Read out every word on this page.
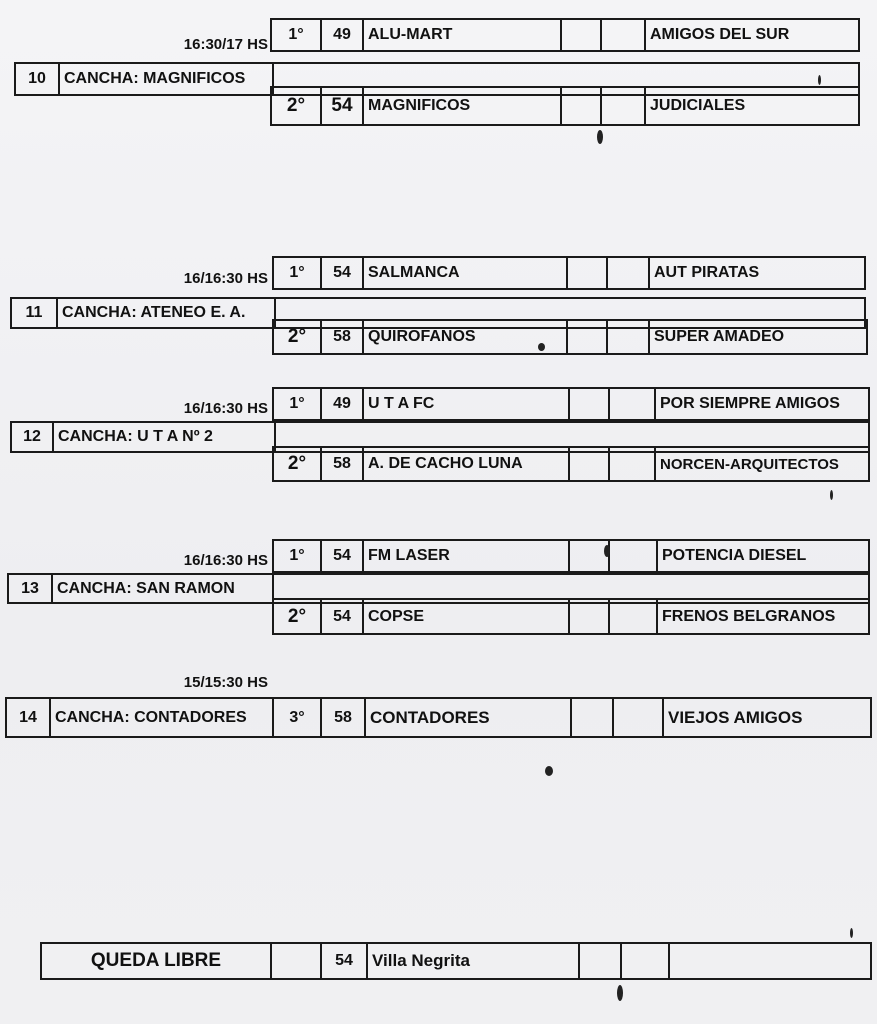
16:30/17 HS
1°	49	ALU-MART	AMIGOS DEL SUR
10	CANCHA: MAGNIFICOS
2°	54 MAGNIFICOS	JUDICIALES
16/16:30 HS	1°	54	SALMANCA	AUT PIRATAS
11	CANCHA: ATENEO E. A.
2°	58	QUIROFANOS	SUPER AMADEO
16/16:30 HS	1°	49	U T A FC	POR SIEMPRE AMIGOS
12	CANCHA: U T A Nº 2
2°	58	A. DE CACHO LUNA	NORCEN-ARQUITECTOS
16/16:30 HS	1°	54	FM LASER	POTENCIA DIESEL
13	CANCHA: SAN RAMON
2°	54	COPSE	FRENOS BELGRANOS
15/15:30 HS
14	CANCHA: CONTADORES	3°	58	CONTADORES	VIEJOS AMIGOS
QUEDA LIBRE	54	Villa Negrita
